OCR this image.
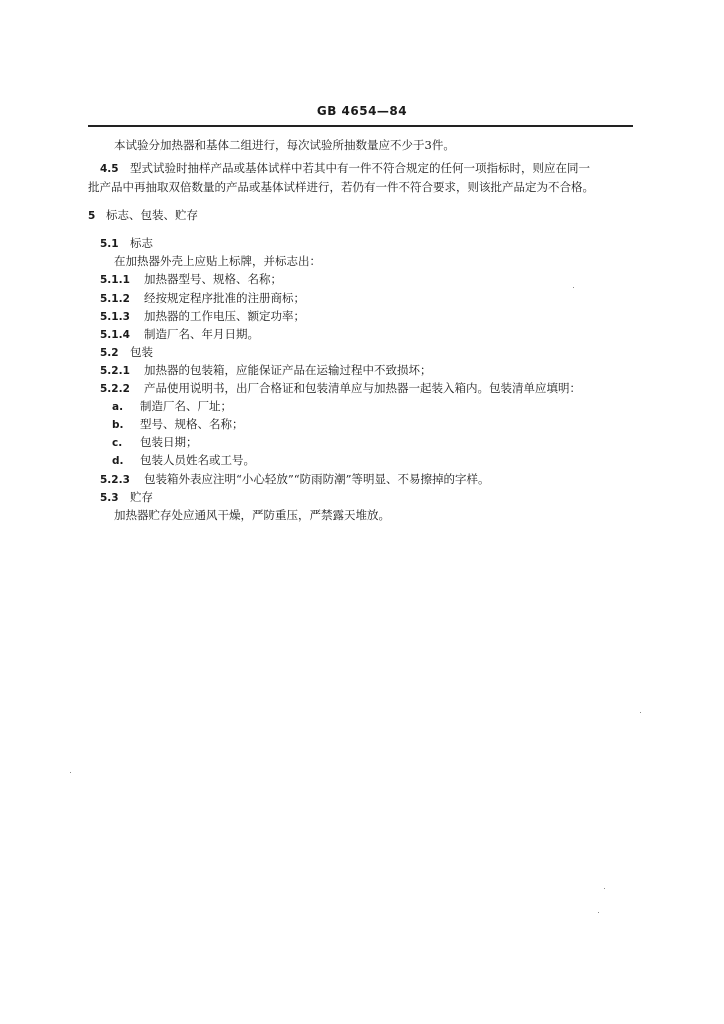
GB 4654—84
本试验分加热器和基体二组进行，每次试验所抽数量应不少于3件。
4.5 型式试验时抽样产品或基体试样中若其中有一件不符合规定的任何一项指标时，则应在同一
批产品中再抽取双倍数量的产品或基体试样进行，若仍有一件不符合要求，则该批产品定为不合格。
5 标志、包装、贮存
5.1 标志
在加热器外壳上应贴上标牌，并标志出：
5.1.1 加热器型号、规格、名称；
5.1.2 经按规定程序批准的注册商标；
5.1.3 加热器的工作电压、额定功率；
5.1.4 制造厂名、年月日期。
5.2 包装
5.2.1 加热器的包装箱，应能保证产品在运输过程中不致损坏；
5.2.2 产品使用说明书，出厂合格证和包装清单应与加热器一起装入箱内。包装清单应填明：
a. 制造厂名、厂址；
b. 型号、规格、名称；
c. 包装日期；
d. 包装人员姓名或工号。
5.2.3 包装箱外表应注明“小心轻放”“防雨防潮”等明显、不易擦掉的字样。
5.3 贮存
加热器贮存处应通风干燥，严防重压，严禁露天堆放。
